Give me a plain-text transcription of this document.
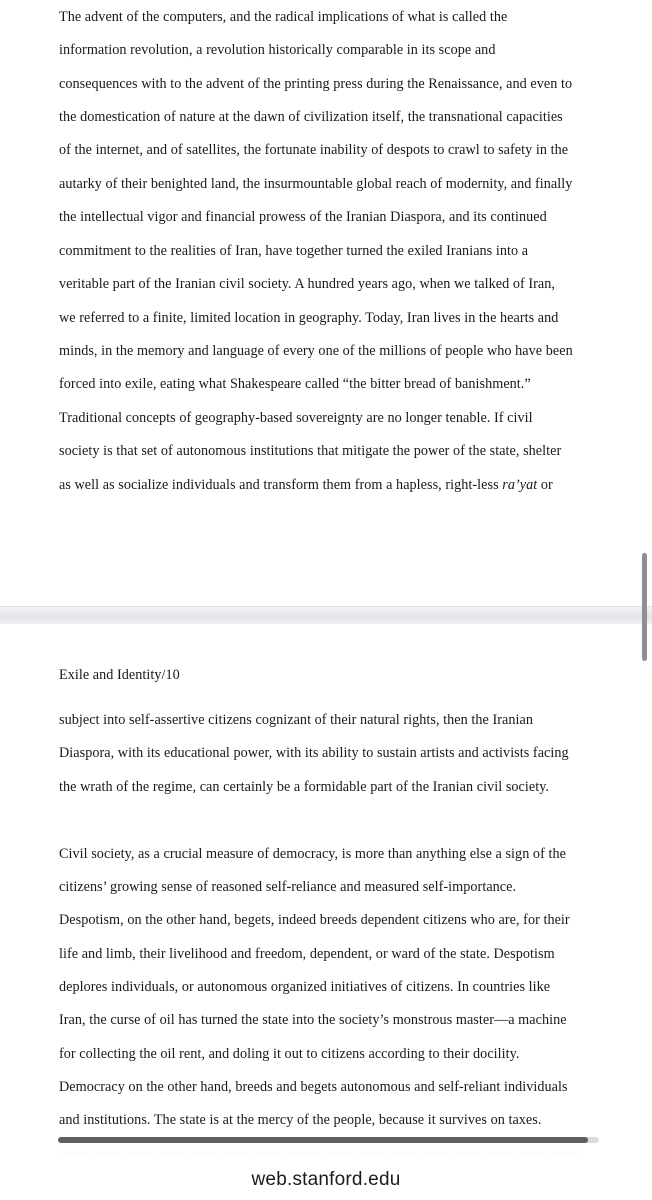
The advent of the computers, and the radical implications of what is called the
information revolution, a revolution historically comparable in its scope and
consequences with to the advent of the printing press during the Renaissance, and even to
the domestication of nature at the dawn of civilization itself, the transnational capacities
of the internet, and of satellites, the fortunate inability of despots to crawl to safety in the
autarky of their benighted land, the insurmountable global reach of modernity, and finally
the intellectual vigor and financial prowess of the Iranian Diaspora, and its continued
commitment to the realities of Iran, have together turned the exiled Iranians into a
veritable part of the Iranian civil society. A hundred years ago, when we talked of Iran,
we referred to a finite, limited location in geography. Today, Iran lives in the hearts and
minds, in the memory and language of every one of the millions of people who have been
forced into exile, eating what Shakespeare called “the bitter bread of banishment.”
Traditional concepts of geography-based sovereignty are no longer tenable. If civil
society is that set of autonomous institutions that mitigate the power of the state, shelter
as well as socialize individuals and transform them from a hapless, right-less ra’yat or
Exile and Identity/10
subject into self-assertive citizens cognizant of their natural rights, then the Iranian
Diaspora, with its educational power, with its ability to sustain artists and activists facing
the wrath of the regime, can certainly be a formidable part of the Iranian civil society.
Civil society, as a crucial measure of democracy, is more than anything else a sign of the
citizens’ growing sense of reasoned self-reliance and measured self-importance.
Despotism, on the other hand, begets, indeed breeds dependent citizens who are, for their
life and limb, their livelihood and freedom, dependent, or ward of the state. Despotism
deplores individuals, or autonomous organized initiatives of citizens. In countries like
Iran, the curse of oil has turned the state into the society’s monstrous master—a machine
for collecting the oil rent, and doling it out to citizens according to their docility.
Democracy on the other hand, breeds and begets autonomous and self-reliant individuals
and institutions. The state is at the mercy of the people, because it survives on taxes.
web.stanford.edu
